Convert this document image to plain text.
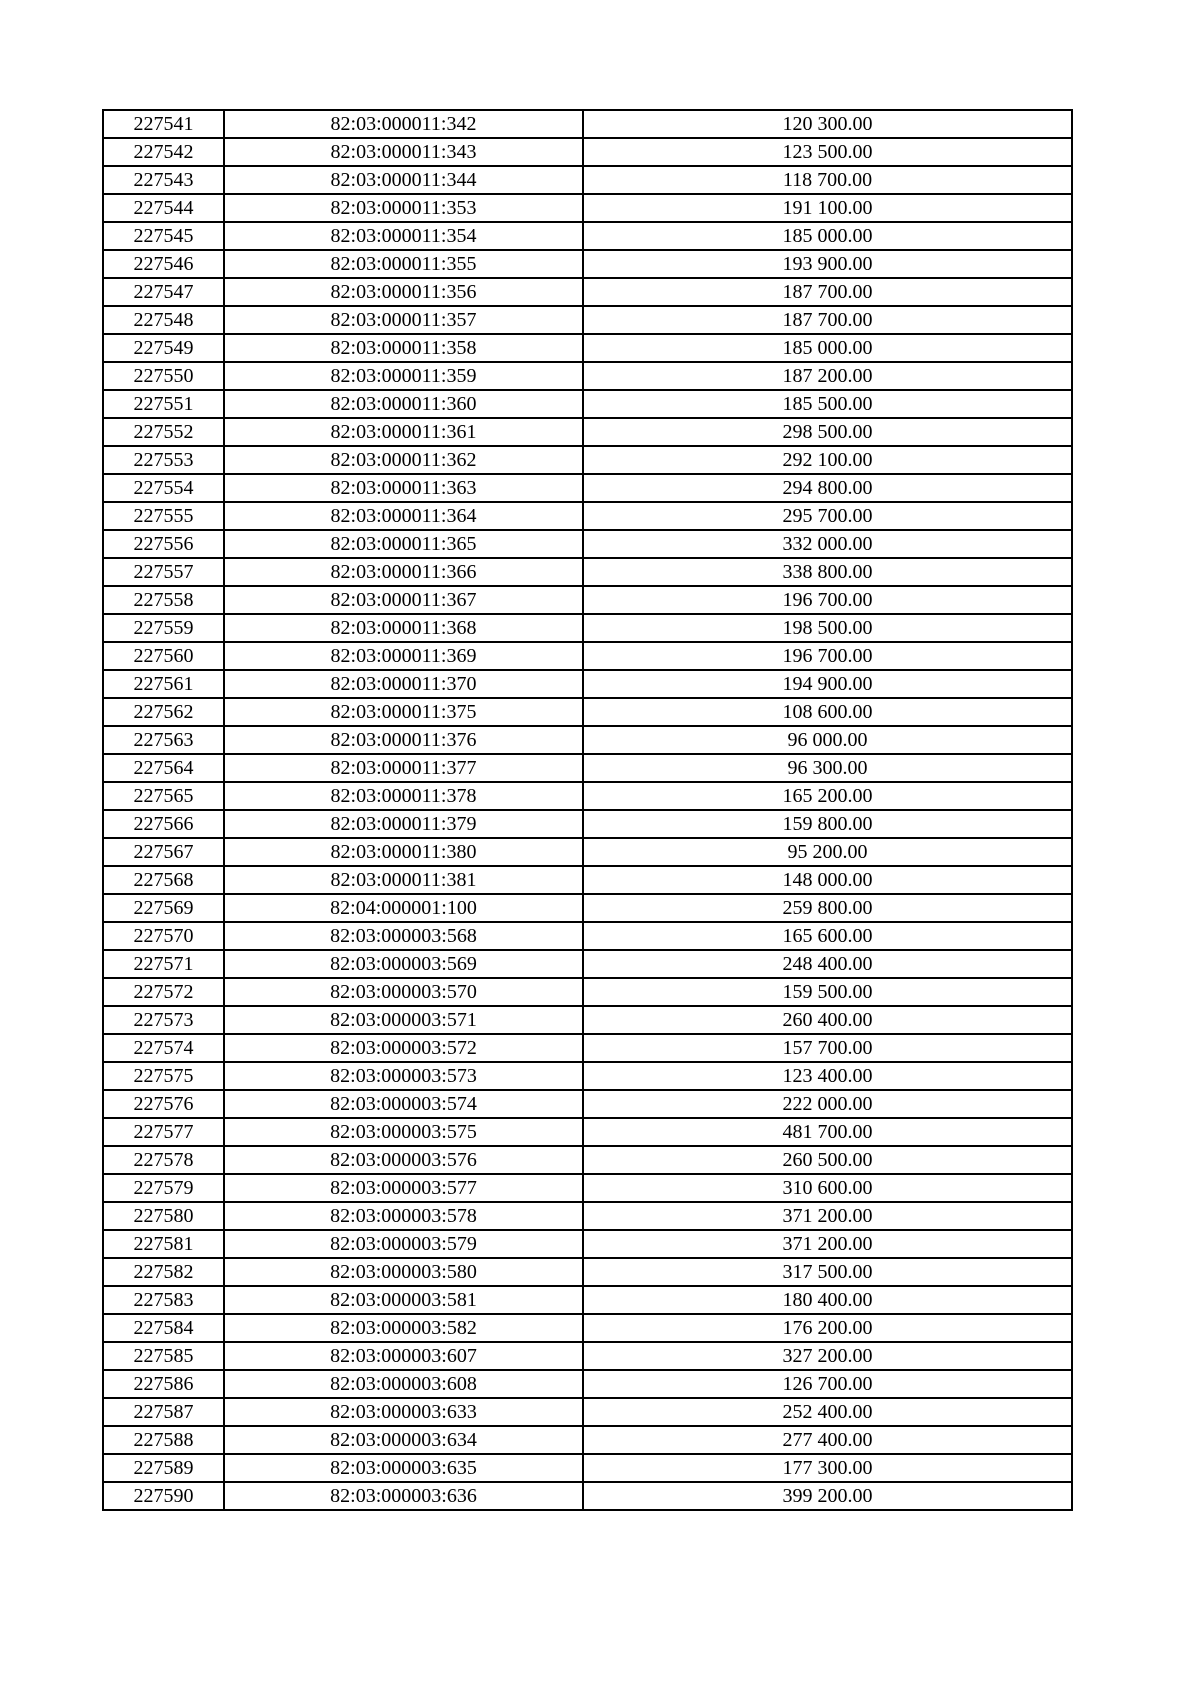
227541	82:03:000011:342	120 300.00
227542	82:03:000011:343	123 500.00
227543	82:03:000011:344	118 700.00
227544	82:03:000011:353	191 100.00
227545	82:03:000011:354	185 000.00
227546	82:03:000011:355	193 900.00
227547	82:03:000011:356	187 700.00
227548	82:03:000011:357	187 700.00
227549	82:03:000011:358	185 000.00
227550	82:03:000011:359	187 200.00
227551	82:03:000011:360	185 500.00
227552	82:03:000011:361	298 500.00
227553	82:03:000011:362	292 100.00
227554	82:03:000011:363	294 800.00
227555	82:03:000011:364	295 700.00
227556	82:03:000011:365	332 000.00
227557	82:03:000011:366	338 800.00
227558	82:03:000011:367	196 700.00
227559	82:03:000011:368	198 500.00
227560	82:03:000011:369	196 700.00
227561	82:03:000011:370	194 900.00
227562	82:03:000011:375	108 600.00
227563	82:03:000011:376	96 000.00
227564	82:03:000011:377	96 300.00
227565	82:03:000011:378	165 200.00
227566	82:03:000011:379	159 800.00
227567	82:03:000011:380	95 200.00
227568	82:03:000011:381	148 000.00
227569	82:04:000001:100	259 800.00
227570	82:03:000003:568	165 600.00
227571	82:03:000003:569	248 400.00
227572	82:03:000003:570	159 500.00
227573	82:03:000003:571	260 400.00
227574	82:03:000003:572	157 700.00
227575	82:03:000003:573	123 400.00
227576	82:03:000003:574	222 000.00
227577	82:03:000003:575	481 700.00
227578	82:03:000003:576	260 500.00
227579	82:03:000003:577	310 600.00
227580	82:03:000003:578	371 200.00
227581	82:03:000003:579	371 200.00
227582	82:03:000003:580	317 500.00
227583	82:03:000003:581	180 400.00
227584	82:03:000003:582	176 200.00
227585	82:03:000003:607	327 200.00
227586	82:03:000003:608	126 700.00
227587	82:03:000003:633	252 400.00
227588	82:03:000003:634	277 400.00
227589	82:03:000003:635	177 300.00
227590	82:03:000003:636	399 200.00
